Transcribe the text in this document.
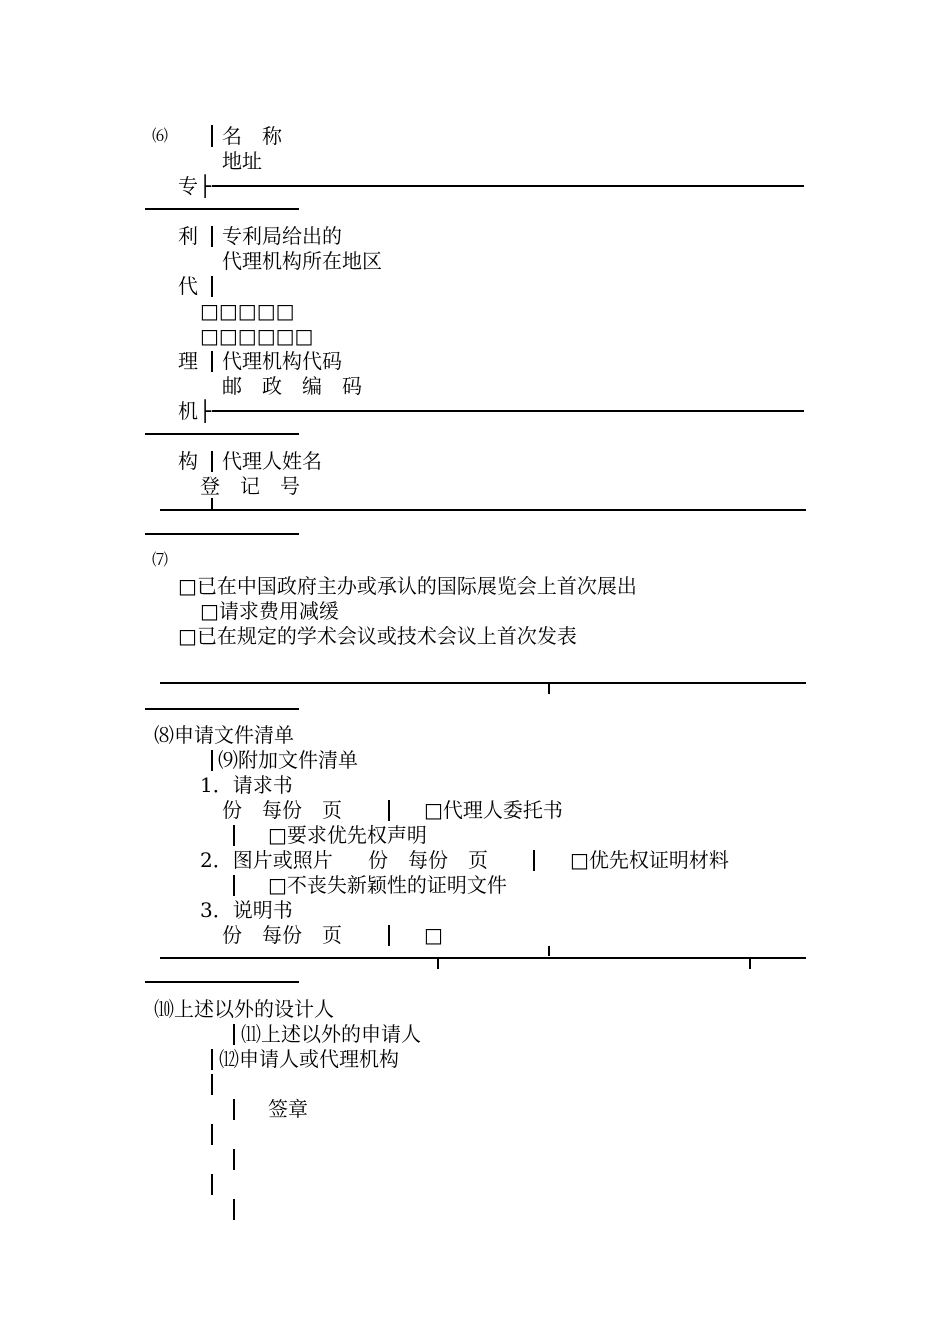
⑹	名　称
地址
专 ├
利 专利局给出的
代理机构所在地区
代
□□□□□
□□□□□□
理 代理机构代码
邮　政　编　码
机 ├
构 代理人姓名
登　记　号
⑺
□已在中国政府主办或承认的国际展览会上首次展出
□请求费用减缓
□已在规定的学术会议或技术会议上首次发表
⑻申请文件清单
⑼附加文件清单
1．请求书
份　每份　页	□代理人委托书
□要求优先权声明
2．图片或照片 份　每份　页	□优先权证明材料
□不丧失新颖性的证明文件
3．说明书
份　每份　页	□
⑽上述以外的设计人
⑾上述以外的申请人
⑿申请人或代理机构
签章
